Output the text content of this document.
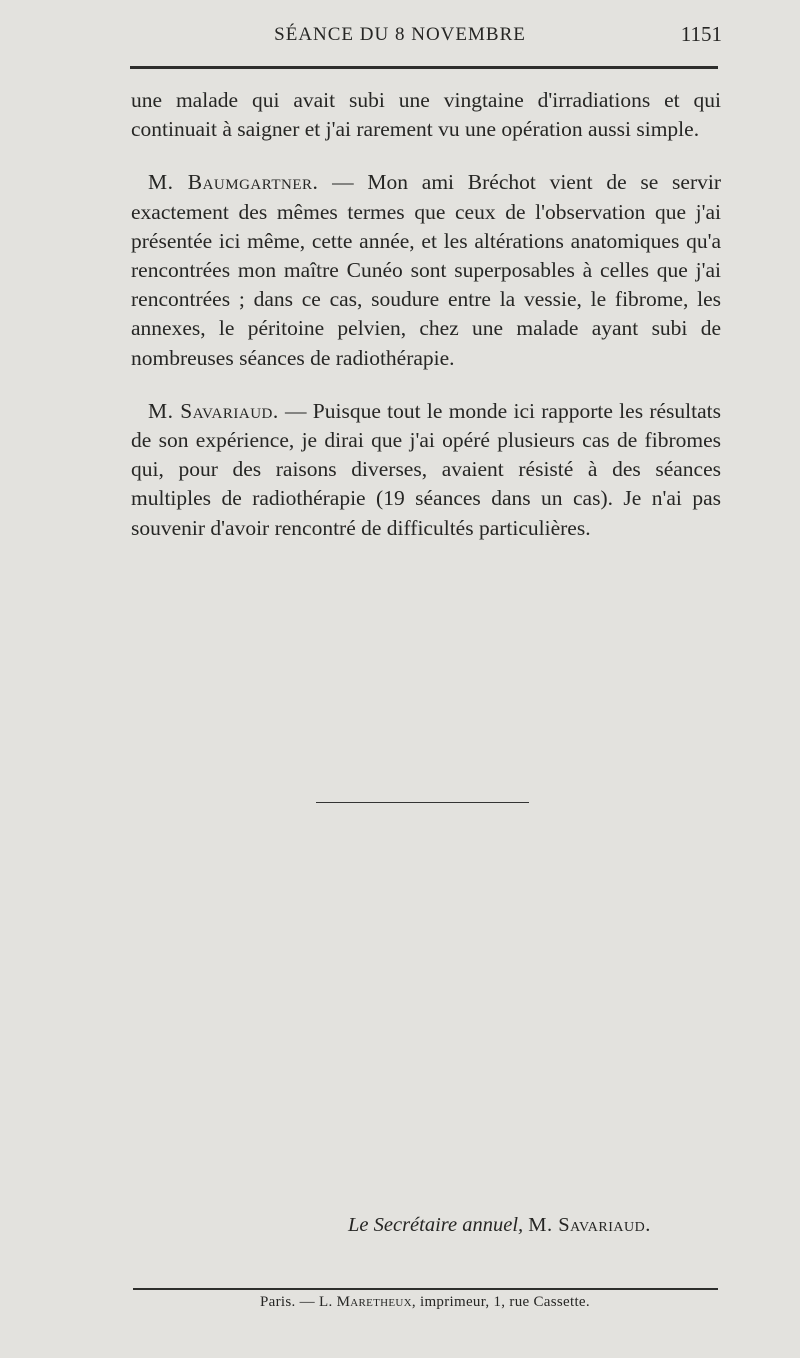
SÉANCE DU 8 NOVEMBRE	1151

une malade qui avait subi une vingtaine d'irradiations et qui continuait à saigner et j'ai rarement vu une opération aussi simple.

M. Baumgartner. — Mon ami Bréchot vient de se servir exactement des mêmes termes que ceux de l'observation que j'ai présentée ici même, cette année, et les altérations anatomiques qu'a rencontrées mon maître Cunéo sont superposables à celles que j'ai rencontrées ; dans ce cas, soudure entre la vessie, le fibrome, les annexes, le péritoine pelvien, chez une malade ayant subi de nombreuses séances de radiothérapie.

M. Savariaud. — Puisque tout le monde ici rapporte les résultats de son expérience, je dirai que j'ai opéré plusieurs cas de fibromes qui, pour des raisons diverses, avaient résisté à des séances multiples de radiothérapie (19 séances dans un cas). Je n'ai pas souvenir d'avoir rencontré de difficultés particulières.

Le Secrétaire annuel, M. Savariaud.
Paris. — L. Maretheux, imprimeur, 1, rue Cassette.
